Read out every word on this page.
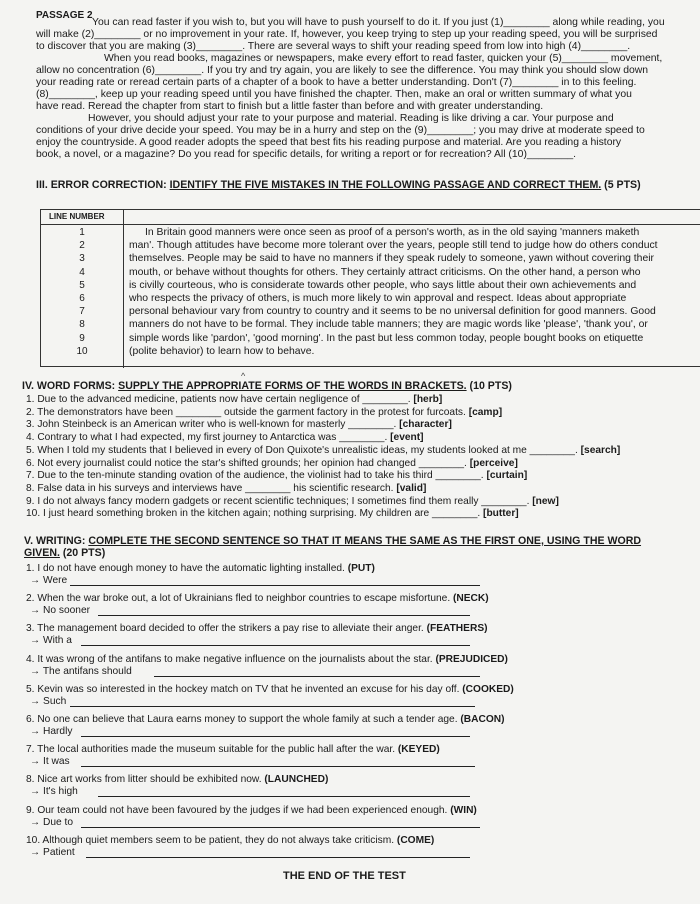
PASSAGE 2
You can read faster if you wish to, but you will have to push yourself to do it. If you just (1)________ along while reading, you
will make (2)________ or no improvement in your rate. If, however, you keep trying to step up your reading speed, you will be surprised
to discover that you are making (3)________. There are several ways to shift your reading speed from low into high (4)________.
When you read books, magazines or newspapers, make every effort to read faster, quicken your (5)________ movement,
allow no concentration (6)________. If you try and try again, you are likely to see the difference. You may think you should slow down
your reading rate or reread certain parts of a chapter of a book to have a better understanding. Don't (7)________ in to this feeling.
(8)________, keep up your reading speed until you have finished the chapter. Then, make an oral or written summary of what you
have read. Reread the chapter from start to finish but a little faster than before and with greater understanding.
However, you should adjust your rate to your purpose and material. Reading is like driving a car. Your purpose and
conditions of your drive decide your speed. You may be in a hurry and step on the (9)________; you may drive at moderate speed to
enjoy the countryside. A good reader adopts the speed that best fits his reading purpose and material. Are you reading a history
book, a novel, or a magazine? Do you read for specific details, for writing a report or for recreation? All (10)________.
III. ERROR CORRECTION: IDENTIFY THE FIVE MISTAKES IN THE FOLLOWING PASSAGE AND CORRECT THEM. (5 PTS)
LINE NUMBER
1	In Britain good manners were once seen as proof of a person's worth, as in the old saying 'manners maketh
2	man'. Though attitudes have become more tolerant over the years, people still tend to judge how do others conduct
3	themselves. People may be said to have no manners if they speak rudely to someone, yawn without covering their
4	mouth, or behave without thoughts for others. They certainly attract criticisms. On the other hand, a person who
5	is civilly courteous, who is considerate towards other people, who says little about their own achievements and
6	who respects the privacy of others, is much more likely to win approval and respect. Ideas about appropriate
7	personal behaviour vary from country to country and it seems to be no universal definition for good manners. Good
8	manners do not have to be formal. They include table manners; they are magic words like 'please', 'thank you', or
9	simple words like 'pardon', 'good morning'. In the past but less common today, people bought books on etiquette
10	(polite behavior) to learn how to behave.
^
IV. WORD FORMS: SUPPLY THE APPROPRIATE FORMS OF THE WORDS IN BRACKETS. (10 PTS)
1. Due to the advanced medicine, patients now have certain negligence of ________. [herb]
2. The demonstrators have been ________ outside the garment factory in the protest for furcoats. [camp]
3. John Steinbeck is an American writer who is well-known for masterly ________. [character]
4. Contrary to what I had expected, my first journey to Antarctica was ________. [event]
5. When I told my students that I believed in every of Don Quixote's unrealistic ideas, my students looked at me ________. [search]
6. Not every journalist could notice the star's shifted grounds; her opinion had changed ________. [perceive]
7. Due to the ten-minute standing ovation of the audience, the violinist had to take his third ________. [curtain]
8. False data in his surveys and interviews have ________ his scientific research. [valid]
9. I do not always fancy modern gadgets or recent scientific techniques; I sometimes find them really ________. [new]
10. I just heard something broken in the kitchen again; nothing surprising. My children are ________. [butter]
V. WRITING: COMPLETE THE SECOND SENTENCE SO THAT IT MEANS THE SAME AS THE FIRST ONE, USING THE WORD
GIVEN. (20 PTS)
1. I do not have enough money to have the automatic lighting installed. (PUT)
→ Were
2. When the war broke out, a lot of Ukrainians fled to neighbor countries to escape misfortune. (NECK)
→ No sooner
3. The management board decided to offer the strikers a pay rise to alleviate their anger. (FEATHERS)
→ With a
4. It was wrong of the antifans to make negative influence on the journalists about the star. (PREJUDICED)
→ The antifans should
5. Kevin was so interested in the hockey match on TV that he invented an excuse for his day off. (COOKED)
→ Such
6. No one can believe that Laura earns money to support the whole family at such a tender age. (BACON)
→ Hardly
7. The local authorities made the museum suitable for the public hall after the war. (KEYED)
→ It was
8. Nice art works from litter should be exhibited now. (LAUNCHED)
→ It's high
9. Our team could not have been favoured by the judges if we had been experienced enough. (WIN)
→ Due to
10. Although quiet members seem to be patient, they do not always take criticism. (COME)
→ Patient
THE END OF THE TEST
